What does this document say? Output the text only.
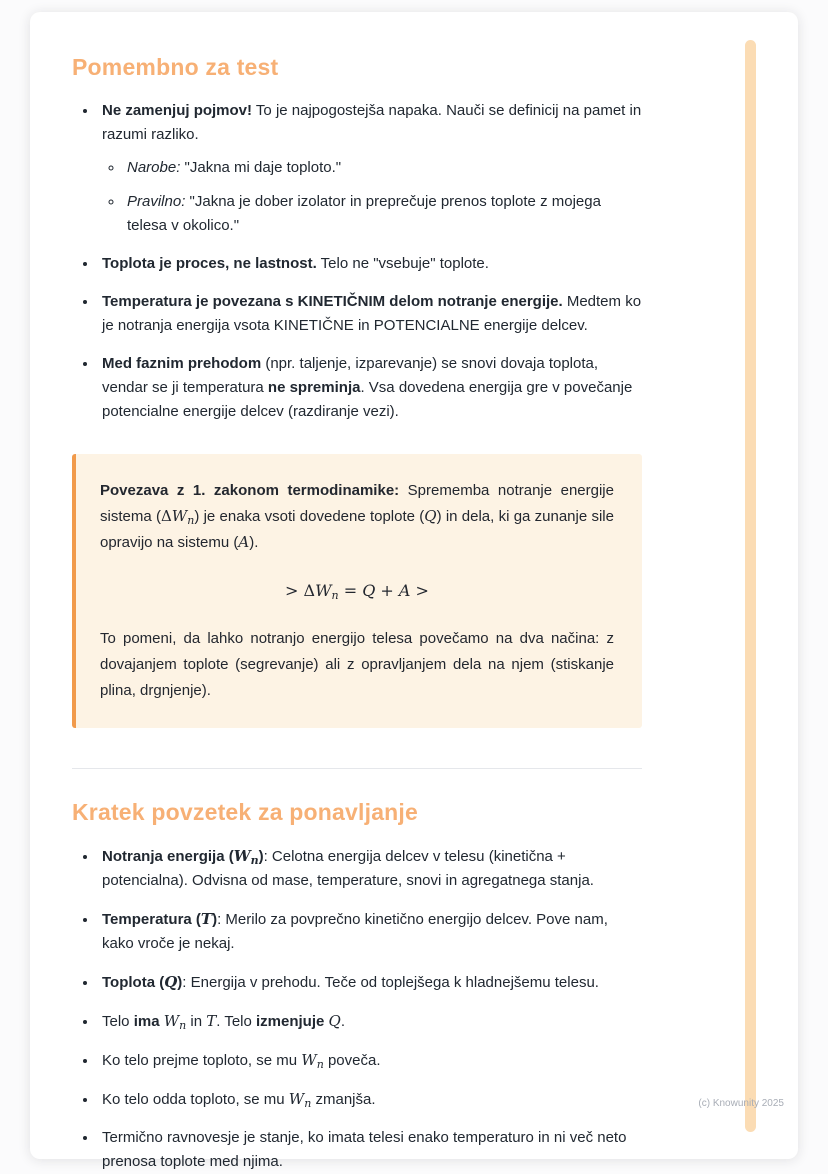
Pomembno za test
• Ne zamenjuj pojmov! To je najpogostejša napaka. Nauči se definicij na pamet in razumi razliko.
◦ Narobe: "Jakna mi daje toploto."
◦ Pravilno: "Jakna je dober izolator in preprečuje prenos toplote z mojega telesa v okolico."
• Toplota je proces, ne lastnost. Telo ne "vsebuje" toplote.
• Temperatura je povezana s KINETIČNIM delom notranje energije. Medtem ko je notranja energija vsota KINETIČNE in POTENCIALNE energije delcev.
• Med faznim prehodom (npr. taljenje, izparevanje) se snovi dovaja toplota, vendar se ji temperatura ne spreminja. Vsa dovedena energija gre v povečanje potencialne energije delcev (razdiranje vezi).

Povezava z 1. zakonom termodinamike: Sprememba notranje energije sistema $(\Delta W_n)$ je enaka vsoti dovedene toplote (Q) in dela, ki ga zunanje sile opravijo na sistemu (A).

> $\Delta W_n = Q + A$ >

To pomeni, da lahko notranjo energijo telesa povečamo na dva načina: z dovajanjem toplote (segrevanje) ali z opravljanjem dela na njem (stiskanje plina, drgnjenje).

Kratek povzetek za ponavljanje
• Notranja energija $(W_n)$: Celotna energija delcev v telesu (kinetična + potencialna). Odvisna od mase, temperature, snovi in agregatnega stanja.
• Temperatura (T): Merilo za povprečno kinetično energijo delcev. Pove nam, kako vroče je nekaj.
• Toplota (Q): Energija v prehodu. Teče od toplejšega k hladnejšemu telesu.
• Telo ima $W_n$ in T. Telo izmenjuje Q.
• Ko telo prejme toploto, se mu $W_n$ poveča.
• Ko telo odda toploto, se mu $W_n$ zmanjša.
• Termično ravnovesje je stanje, ko imata telesi enako temperaturo in ni več neto prenosa toplote med njima.
(c) Knowunity 2025
